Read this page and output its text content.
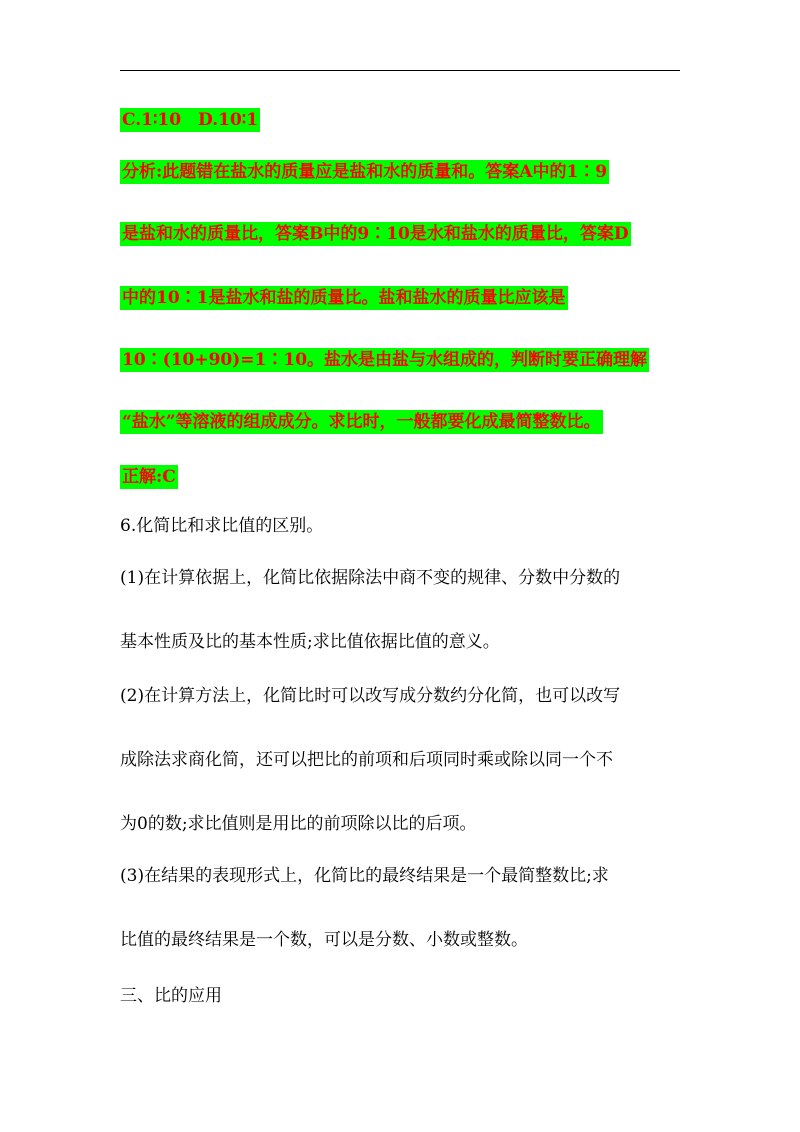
C.1∶10　D.10∶1
分析:此题错在盐水的质量应是盐和水的质量和。答案A中的1∶9
是盐和水的质量比，答案B中的9∶10是水和盐水的质量比，答案D
中的10∶1是盐水和盐的质量比。盐和盐水的质量比应该是
10∶(10+90)=1∶10。盐水是由盐与水组成的，判断时要正确理解
“盐水”等溶液的组成成分。求比时，一般都要化成最简整数比。
正解:C
6.化简比和求比值的区别。
(1)在计算依据上，化简比依据除法中商不变的规律、分数中分数的
基本性质及比的基本性质;求比值依据比值的意义。
(2)在计算方法上，化简比时可以改写成分数约分化简，也可以改写
成除法求商化简，还可以把比的前项和后项同时乘或除以同一个不
为0的数;求比值则是用比的前项除以比的后项。
(3)在结果的表现形式上，化简比的最终结果是一个最简整数比;求
比值的最终结果是一个数，可以是分数、小数或整数。
三、比的应用
